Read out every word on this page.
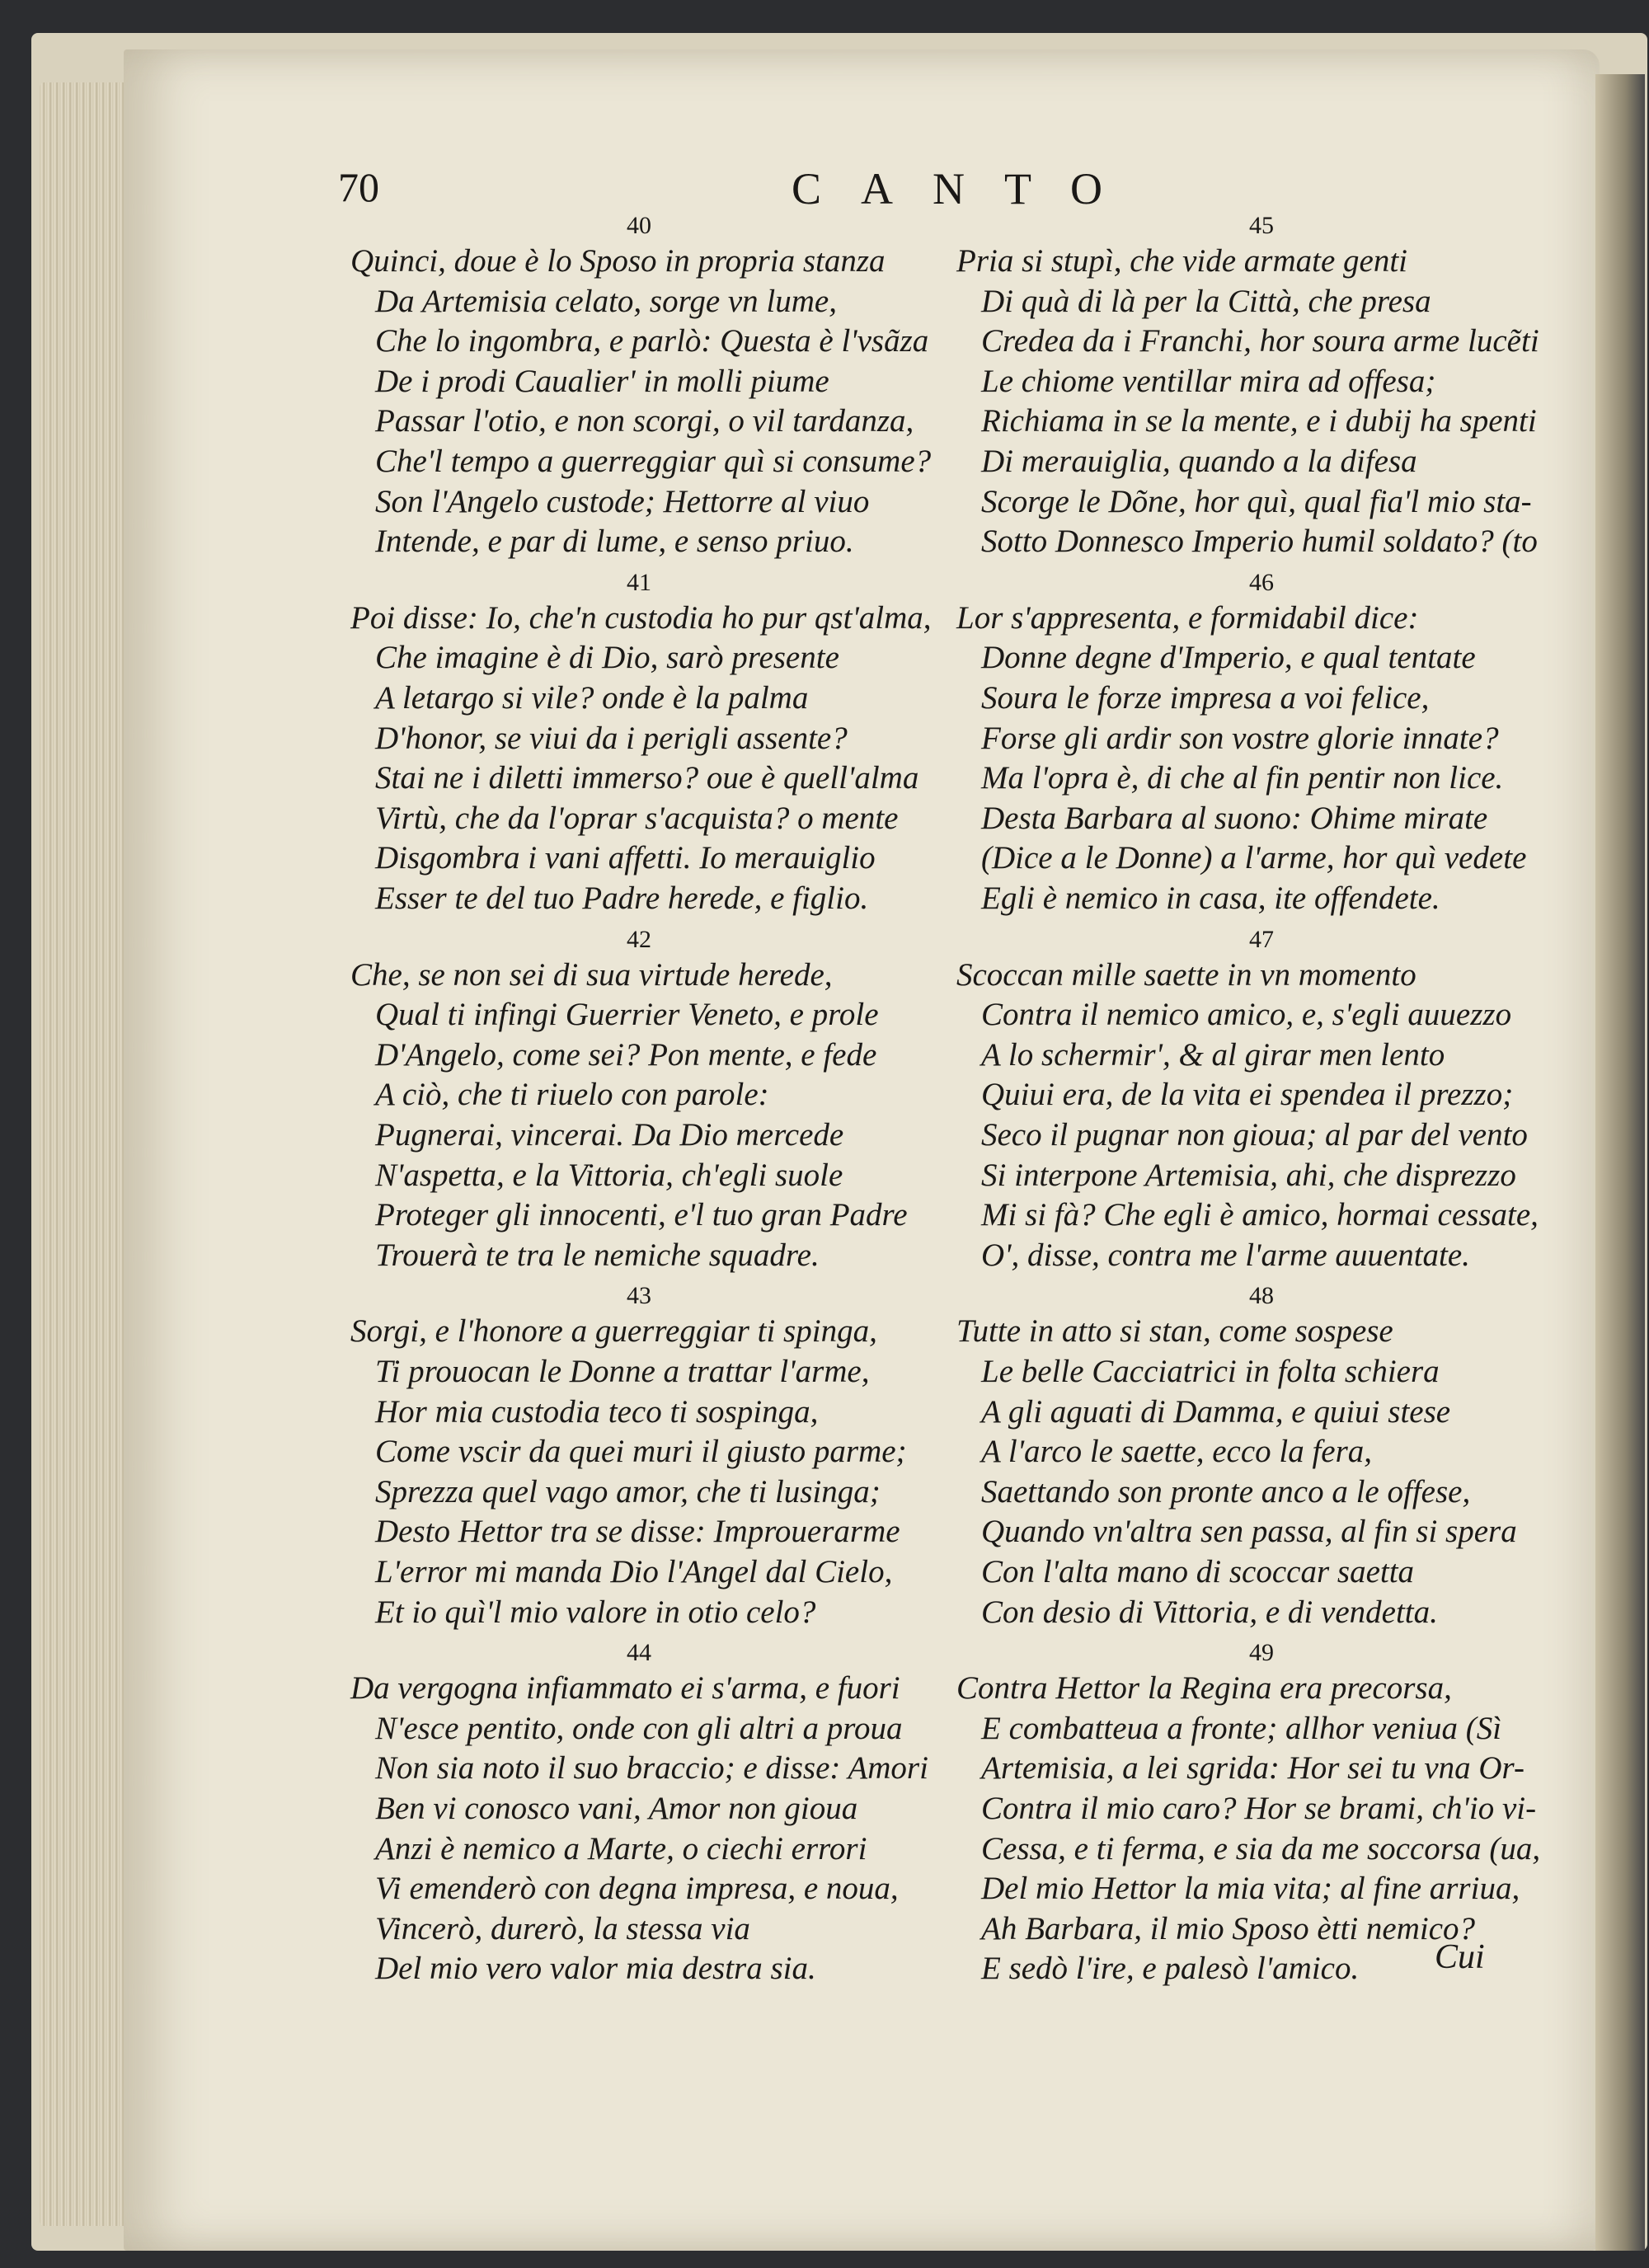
70	CANTO
40
Quinci, doue è lo Sposo in propria stanza
Da Artemisia celato, sorge vn lume,
Che lo ingombra, e parlò: Questa è l'vsãza
De i prodi Caualier' in molli piume
Passar l'otio, e non scorgi, o vil tardanza,
Che'l tempo a guerreggiar quì si consume?
Son l'Angelo custode; Hettorre al viuo
Intende, e par di lume, e senso priuo.
41
Poi disse: Io, che'n custodia ho pur qst'alma,
Che imagine è di Dio, sarò presente
A letargo si vile? onde è la palma
D'honor, se viui da i perigli assente?
Stai ne i diletti immerso? oue è quell'alma
Virtù, che da l'oprar s'acquista? o mente
Disgombra i vani affetti. Io merauiglio
Esser te del tuo Padre herede, e figlio.
42
Che, se non sei di sua virtude herede,
Qual ti infingi Guerrier Veneto, e prole
D'Angelo, come sei? Pon mente, e fede
A ciò, che ti riuelo con parole:
Pugnerai, vincerai. Da Dio mercede
N'aspetta, e la Vittoria, ch'egli suole
Proteger gli innocenti, e'l tuo gran Padre
Trouerà te tra le nemiche squadre.
43
Sorgi, e l'honore a guerreggiar ti spinga,
Ti prouocan le Donne a trattar l'arme,
Hor mia custodia teco ti sospinga,
Come vscir da quei muri il giusto parme;
Sprezza quel vago amor, che ti lusinga;
Desto Hettor tra se disse: Improuerarme
L'error mi manda Dio l'Angel dal Cielo,
Et io quì'l mio valore in otio celo?
44
Da vergogna infiammato ei s'arma, e fuori
N'esce pentito, onde con gli altri a proua
Non sia noto il suo braccio; e disse: Amori
Ben vi conosco vani, Amor non gioua
Anzi è nemico a Marte, o ciechi errori
Vi emenderò con degna impresa, e noua,
Vincerò, durerò, la stessa via
Del mio vero valor mia destra sia.
45
Pria si stupì, che vide armate genti
Di quà di là per la Città, che presa
Credea da i Franchi, hor soura arme lucẽti
Le chiome ventillar mira ad offesa;
Richiama in se la mente, e i dubij ha spenti
Di merauiglia, quando a la difesa
Scorge le Dõne, hor quì, qual fia'l mio sta-
Sotto Donnesco Imperio humil soldato? (to
46
Lor s'appresenta, e formidabil dice:
Donne degne d'Imperio, e qual tentate
Soura le forze impresa a voi felice,
Forse gli ardir son vostre glorie innate?
Ma l'opra è, di che al fin pentir non lice.
Desta Barbara al suono: Ohime mirate
(Dice a le Donne) a l'arme, hor quì vedete
Egli è nemico in casa, ite offendete.
47
Scoccan mille saette in vn momento
Contra il nemico amico, e, s'egli auuezzo
A lo schermir', & al girar men lento
Quiui era, de la vita ei spendea il prezzo;
Seco il pugnar non gioua; al par del vento
Si interpone Artemisia, ahi, che disprezzo
Mi si fà? Che egli è amico, hormai cessate,
O', disse, contra me l'arme auuentate.
48
Tutte in atto si stan, come sospese
Le belle Cacciatrici in folta schiera
A gli aguati di Damma, e quiui stese
A l'arco le saette, ecco la fera,
Saettando son pronte anco a le offese,
Quando vn'altra sen passa, al fin si spera
Con l'alta mano di scoccar saetta
Con desio di Vittoria, e di vendetta.
49
Contra Hettor la Regina era precorsa,
E combatteua a fronte; allhor veniua (Sì
Artemisia, a lei sgrida: Hor sei tu vna Or-
Contra il mio caro? Hor se brami, ch'io vi-
Cessa, e ti ferma, e sia da me soccorsa (ua,
Del mio Hettor la mia vita; al fine arriua,
Ah Barbara, il mio Sposo ètti nemico?
E sedò l'ire, e palesò l'amico.	Cui
